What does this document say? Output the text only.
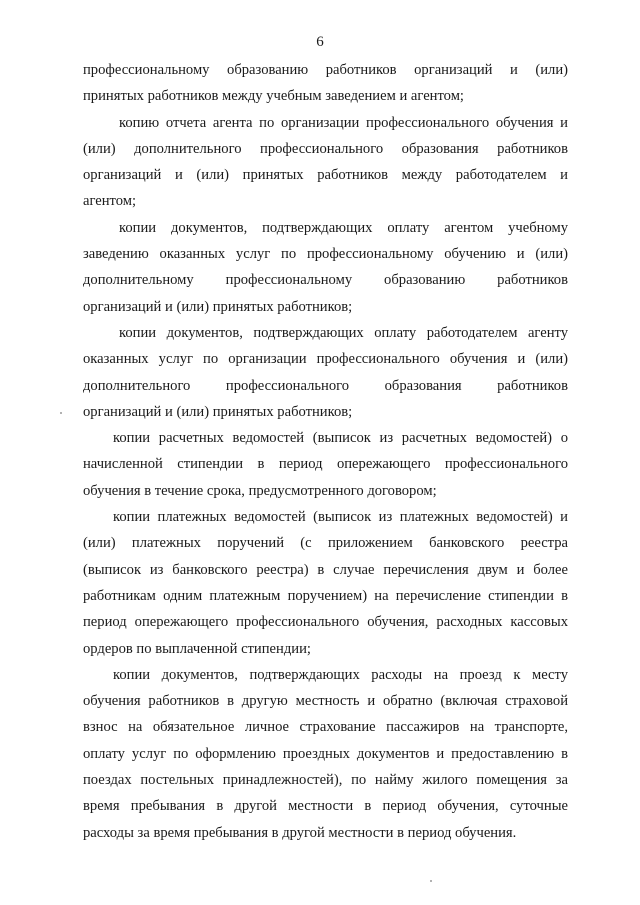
6

профессиональному образованию работников организаций и (или)
принятых работников между учебным заведением и агентом;

копию отчета агента по организации профессионального обучения и
(или) дополнительного профессионального образования работников
организаций и (или) принятых работников между работодателем и
агентом;

копии документов, подтверждающих оплату агентом учебному
заведению оказанных услуг по профессиональному обучению и (или)
дополнительному профессиональному образованию работников
организаций и (или) принятых работников;

копии документов, подтверждающих оплату работодателем агенту
оказанных услуг по организации профессионального обучения и (или)
дополнительного профессионального образования работников
организаций и (или) принятых работников;

копии расчетных ведомостей (выписок из расчетных ведомостей) о
начисленной стипендии в период опережающего профессионального
обучения в течение срока, предусмотренного договором;

копии платежных ведомостей (выписок из платежных ведомостей) и
(или) платежных поручений (с приложением банковского реестра
(выписок из банковского реестра) в случае перечисления двум и более
работникам одним платежным поручением) на перечисление стипендии в
период опережающего профессионального обучения, расходных кассовых
ордеров по выплаченной стипендии;

копии документов, подтверждающих расходы на проезд к месту
обучения работников в другую местность и обратно (включая страховой
взнос на обязательное личное страхование пассажиров на транспорте,
оплату услуг по оформлению проездных документов и предоставлению в
поездах постельных принадлежностей), по найму жилого помещения за
время пребывания в другой местности в период обучения, суточные
расходы за время пребывания в другой местности в период обучения.
